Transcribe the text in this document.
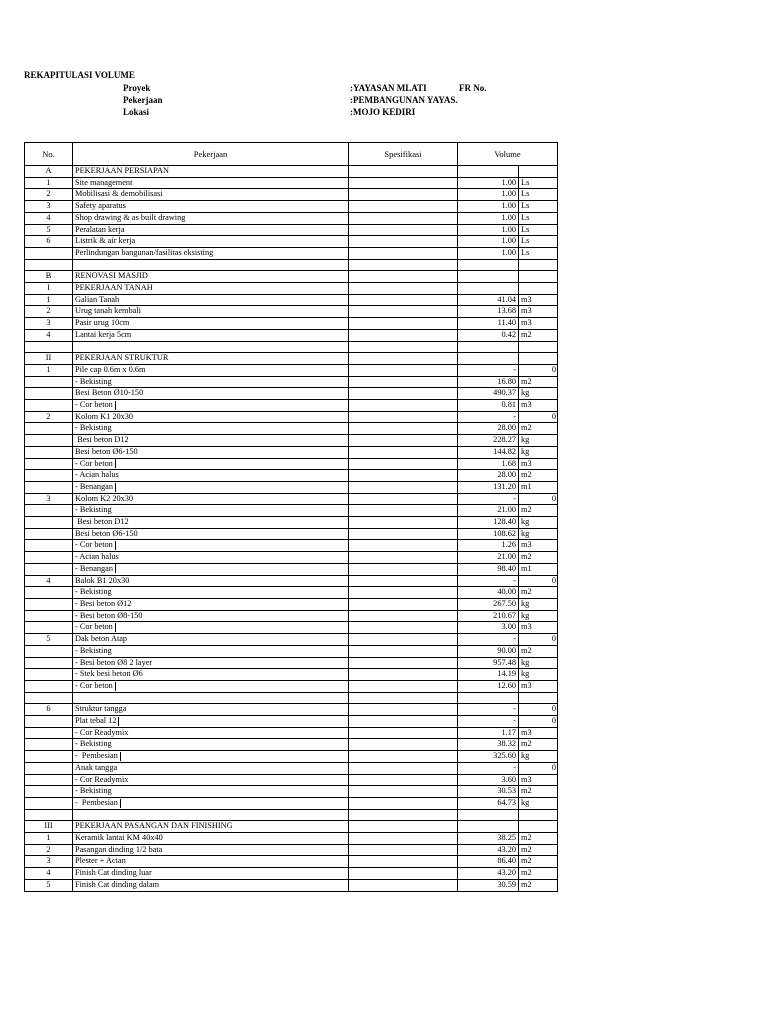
REKAPITULASI VOLUME
Proyek	:YAYASAN MLATI	FR No.
Pekerjaan	:PEMBANGUNAN YAYAS.
Lokasi	:MOJO KEDIRI
No.	Pekerjaan	Spesifikasi	Volume	
A	PEKERJAAN PERSIAPAN			
1	Site management		1.00	Ls
2	Mobilisasi & demobilisasi		1.00	Ls
3	Safety aparatus		1.00	Ls
4	Shop drawing & as built drawing		1.00	Ls
5	Peralatan kerja		1.00	Ls
6	Listrik & air kerja		1.00	Ls
	Perlindungan bangunan/fasilitas eksisting		1.00	Ls

B	RENOVASI MASJID			
I	PEKERJAAN TANAH			
1	Galian Tanah		41.04	m3
2	Urug tanah kembali		13.68	m3
3	Pasir urug 10cm		11.40	m3
4	Lantai kerja 5cm		0.42	m2

II	PEKERJAAN STRUKTUR			
1	Pile cap 0.6m x 0.6m		-	0

	- Bekisting		16.80	m2
	Besi Beton Ø10-150		490.37	kg
	- Cor beton		0.81	m3
2	Kolom K1 20x30		-	0

	- Bekisting		28.00	m2
	Besi beton D12		228.27	kg
	Besi beton Ø6-150		144.82	kg
	- Cor beton		1.68	m3
	- Acian halus		28.00	m2
	- Benangan		131.20	m1
3	Kolom K2 20x30		-	0

	- Bekisting		21.00	m2
	Besi beton D12		128.40	kg
	Besi beton Ø6-150		108.62	kg
	- Cor beton		1.26	m3
	- Acian halus		21.00	m2
	- Benangan		98.40	m1
4	Balok B1 20x30		-	0

	- Bekisting		40.00	m2
	- Besi beton Ø12		267.50	kg
	- Besi beton Ø8-150		210.67	kg
	- Cor beton		3.00	m3
5	Dak beton Atap		-	0

	- Bekisting		90.00	m2
	- Besi beton Ø8 2 layer		957.48	kg
	- Stek besi beton Ø6		14.19	kg
	- Cor beton		12.60	m3

6	Struktur tangga		-	0

	Plat tebal 12		-	0

	- Cor Readymix		1.17	m3
	- Bekisting		38.32	m2
	-  Pembesian		325.60	kg
	Anak tangga		-	0

	- Cor Readymix		3.60	m3
	- Bekisting		30.53	m2
	-  Pembesian		64.73	kg

III	PEKERJAAN PASANGAN DAN FINISHING			
1	Keramik lantai KM 40x40		38.25	m2
2	Pasangan dinding 1/2 bata		43.20	m2
3	Plester + Acian		86.40	m2
4	Finish Cat dinding luar		43.20	m2
5	Finish Cat dinding dalam		30.59	m2
